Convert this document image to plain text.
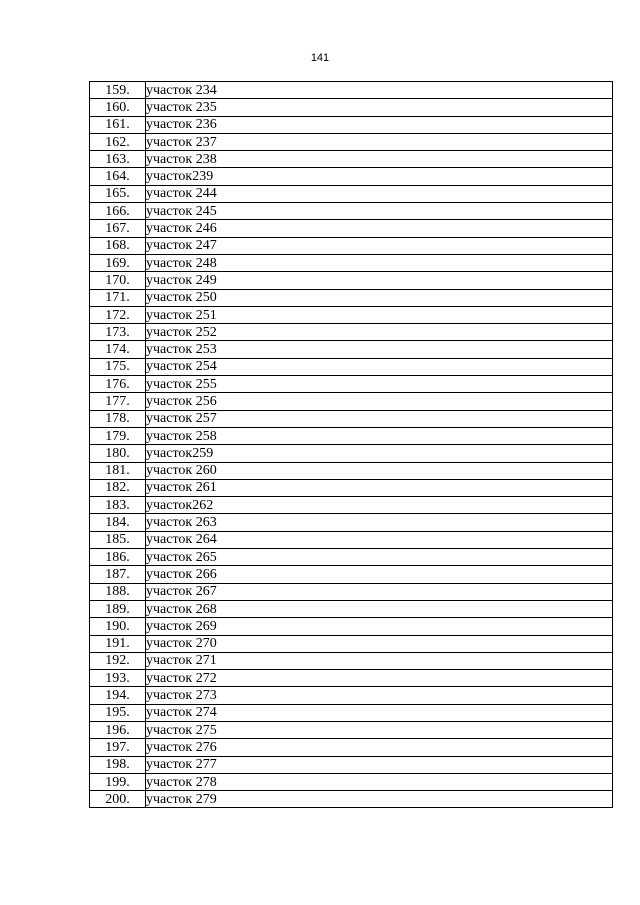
141
159.	участок 234
160.	участок 235
161.	участок 236
162.	участок 237
163.	участок 238
164.	участок239
165.	участок 244
166.	участок 245
167.	участок 246
168.	участок 247
169.	участок 248
170.	участок 249
171.	участок 250
172.	участок 251
173.	участок 252
174.	участок 253
175.	участок 254
176.	участок 255
177.	участок 256
178.	участок 257
179.	участок 258
180.	участок259
181.	участок 260
182.	участок 261
183.	участок262
184.	участок 263
185.	участок 264
186.	участок 265
187.	участок 266
188.	участок 267
189.	участок 268
190.	участок 269
191.	участок 270
192.	участок 271
193.	участок 272
194.	участок 273
195.	участок 274
196.	участок 275
197.	участок 276
198.	участок 277
199.	участок 278
200.	участок 279
